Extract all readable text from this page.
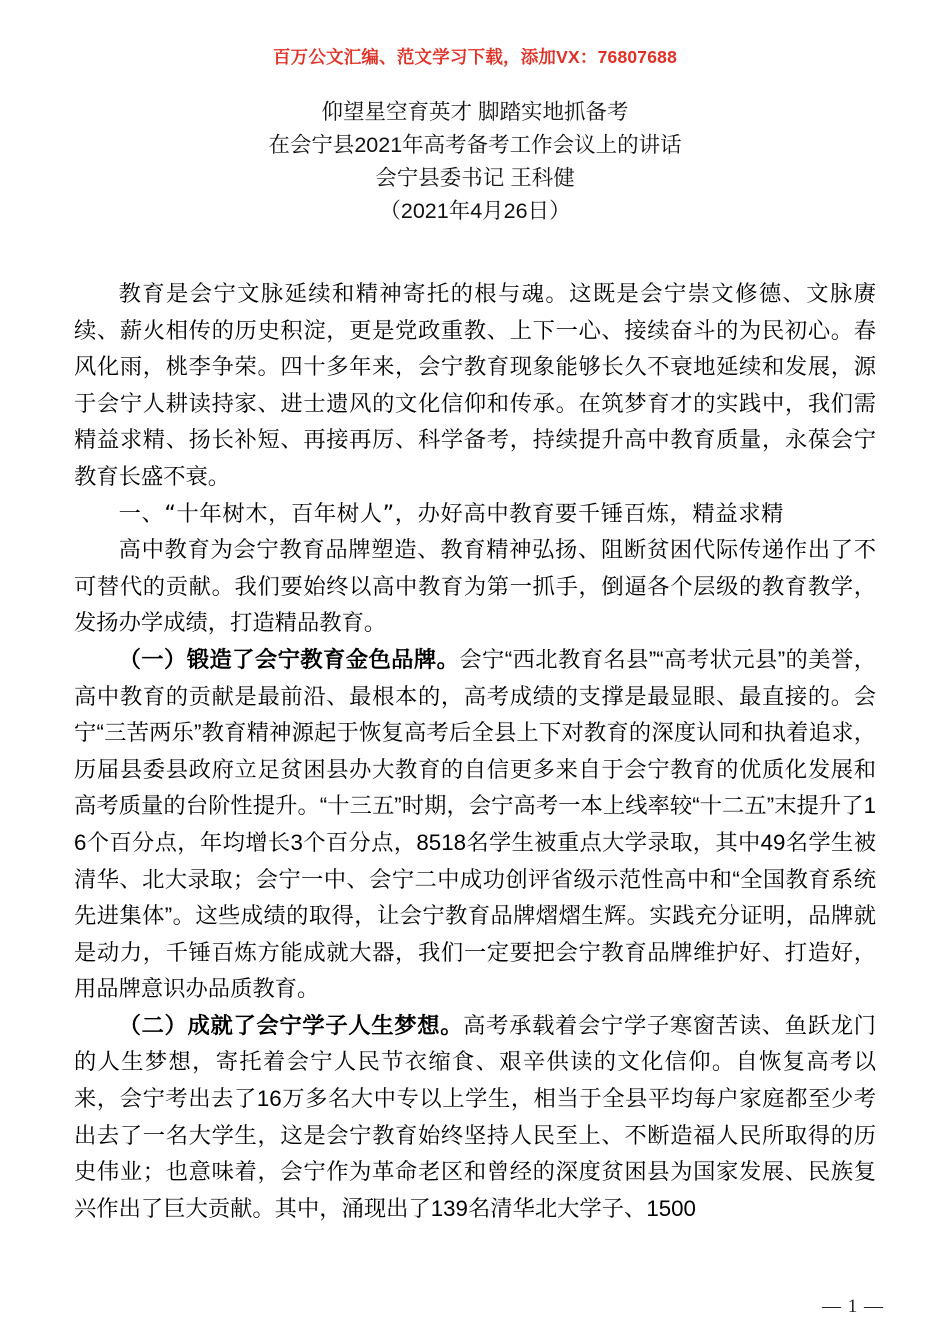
百万公文汇编、范文学习下载，添加VX：76807688
仰望星空育英才 脚踏实地抓备考
在会宁县2021年高考备考工作会议上的讲话
会宁县委书记 王科健
（2021年4月26日）

教育是会宁文脉延续和精神寄托的根与魂。这既是会宁崇文修德、文脉赓续、薪火相传的历史积淀，更是党政重教、上下一心、接续奋斗的为民初心。春风化雨，桃李争荣。四十多年来，会宁教育现象能够长久不衰地延续和发展，源于会宁人耕读持家、进士遗风的文化信仰和传承。在筑梦育才的实践中，我们需精益求精、扬长补短、再接再厉、科学备考，持续提升高中教育质量，永葆会宁教育长盛不衰。

一、“十年树木，百年树人”，办好高中教育要千锤百炼，精益求精

高中教育为会宁教育品牌塑造、教育精神弘扬、阻断贫困代际传递作出了不可替代的贡献。我们要始终以高中教育为第一抓手，倒逼各个层级的教育教学，发扬办学成绩，打造精品教育。

（一）锻造了会宁教育金色品牌。会宁“西北教育名县”“高考状元县”的美誉，高中教育的贡献是最前沿、最根本的，高考成绩的支撑是最显眼、最直接的。会宁“三苦两乐”教育精神源起于恢复高考后全县上下对教育的深度认同和执着追求，历届县委县政府立足贫困县办大教育的自信更多来自于会宁教育的优质化发展和高考质量的台阶性提升。“十三五”时期，会宁高考一本上线率较“十二五”末提升了16个百分点，年均增长3个百分点，8518名学生被重点大学录取，其中49名学生被清华、北大录取；会宁一中、会宁二中成功创评省级示范性高中和“全国教育系统先进集体”。这些成绩的取得，让会宁教育品牌熠熠生辉。实践充分证明，品牌就是动力，千锤百炼方能成就大器，我们一定要把会宁教育品牌维护好、打造好，用品牌意识办品质教育。

（二）成就了会宁学子人生梦想。高考承载着会宁学子寒窗苦读、鱼跃龙门的人生梦想，寄托着会宁人民节衣缩食、艰辛供读的文化信仰。自恢复高考以来，会宁考出去了16万多名大中专以上学生，相当于全县平均每户家庭都至少考出去了一名大学生，这是会宁教育始终坚持人民至上、不断造福人民所取得的历史伟业；也意味着，会宁作为革命老区和曾经的深度贫困县为国家发展、民族复兴作出了巨大贡献。其中，涌现出了139名清华北大学子、1500

— 1 —
